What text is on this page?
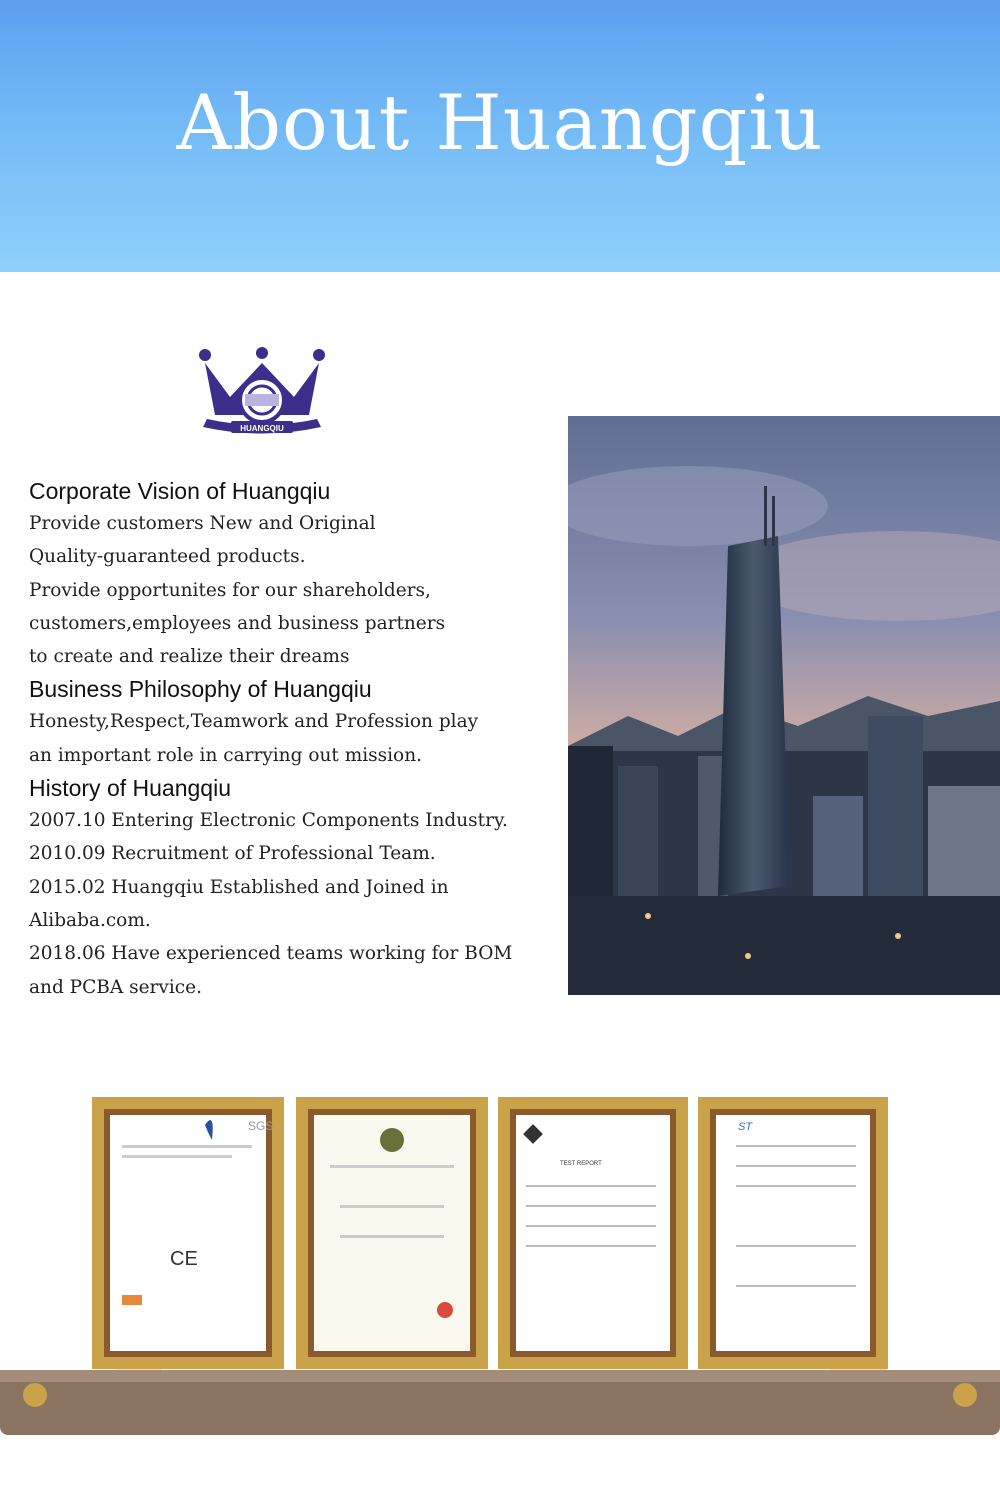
About Huangqiu
HUANGQIU

Corporate Vision of Huangqiu

Provide customers New and Original

Quality-guaranteed products.

Provide opportunites for our shareholders,

customers,employees and business partners

to create and realize their dreams

Business Philosophy of Huangqiu

Honesty,Respect,Teamwork and Profession play

an important role in carrying out mission.

History of Huangqiu

2007.10 Entering Electronic Components Industry.

2010.09 Recruitment of Professional Team.

2015.02 Huangqiu Established and Joined in

Alibaba.com.

2018.06 Have experienced teams working for BOM

and PCBA service.

SGS
CE
TEST REPORT
ST
